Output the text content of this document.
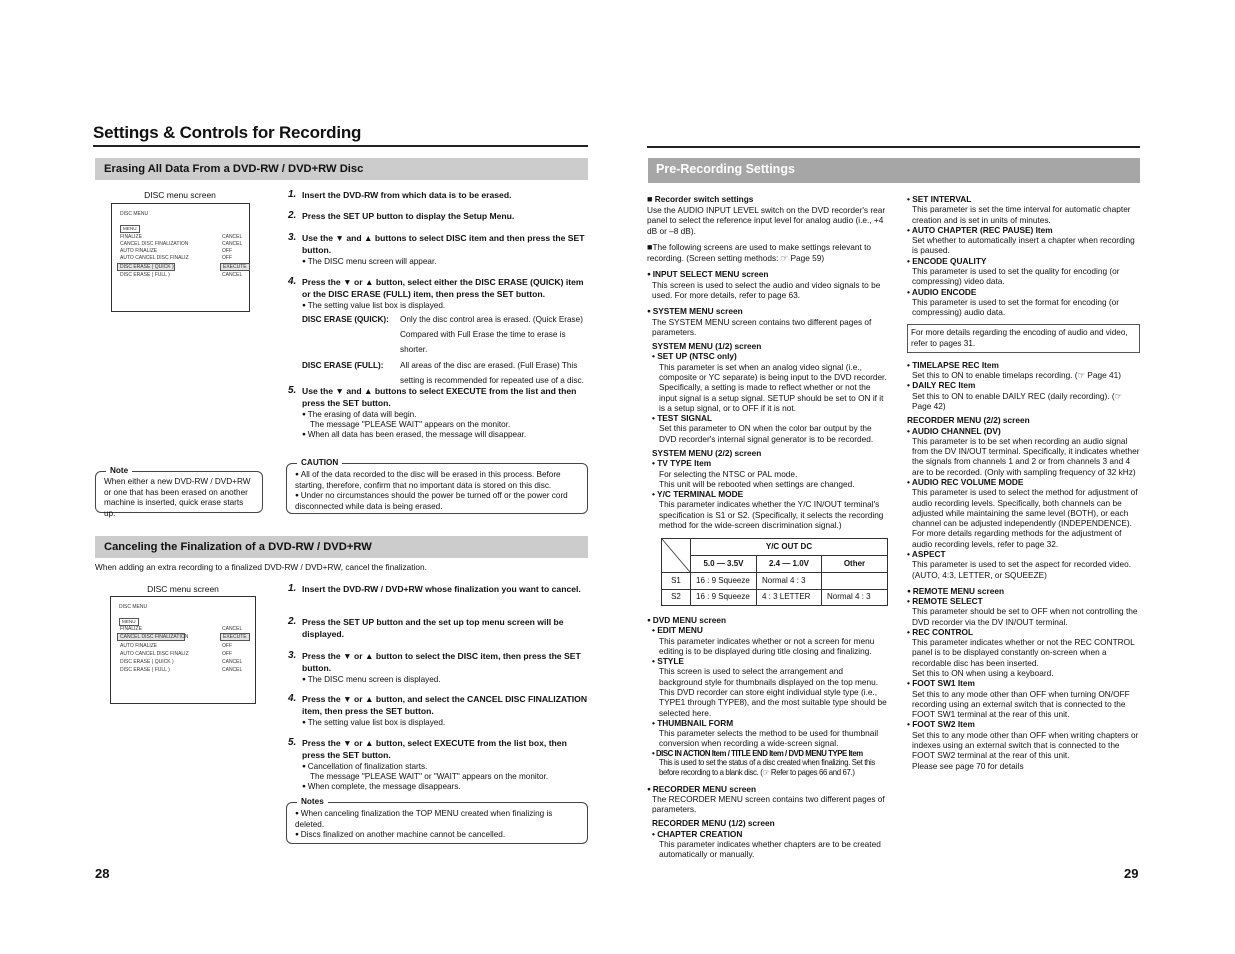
Settings & Controls for Recording
Erasing All Data From a DVD-RW / DVD+RW Disc
DISC menu screen
DISC MENU
MENU
FINALIZE	CANCEL
CANCEL DISC FINALIZATION	CANCEL
AUTO FINALIZE	OFF
AUTO CANCEL DISC FINALIZ	OFF
DISC ERASE ( QUICK )	EXECUTE
DISC ERASE ( FULL )	CANCEL
1. Insert the DVD-RW from which data is to be erased.
2. Press the SET UP button to display the Setup Menu.
3. Use the ▼ and ▲ buttons to select DISC item and then press the SET button.
● The DISC menu screen will appear.
4. Press the ▼ or ▲ button, select either the DISC ERASE (QUICK) item or the DISC ERASE (FULL) item, then press the SET button.
● The setting value list box is displayed.
DISC ERASE (QUICK):	Only the disc control area is erased. (Quick Erase) Compared with Full Erase the time to erase is shorter.
DISC ERASE (FULL):	All areas of the disc are erased. (Full Erase) This setting is recommended for repeated use of a disc.
5. Use the ▼ and ▲ buttons to select EXECUTE from the list and then press the SET button.
● The erasing of data will begin.
The message "PLEASE WAIT" appears on the monitor.
● When all data has been erased, the message will disappear.
Note
When either a new DVD-RW / DVD+RW or one that has been erased on another machine is inserted, quick erase starts up.
CAUTION
● All of the data recorded to the disc will be erased in this process. Before starting, therefore, confirm that no important data is stored on this disc.
● Under no circumstances should the power be turned off or the power cord disconnected while data is being erased.
Canceling the Finalization of a DVD-RW / DVD+RW
When adding an extra recording to a finalized DVD-RW / DVD+RW, cancel the finalization.
DISC menu screen
DISC MENU
MENU
FINALIZE	CANCEL
CANCEL DISC FINALIZATION	EXECUTE
AUTO FINALIZE	OFF
AUTO CANCEL DISC FINALIZ	OFF
DISC ERASE ( QUICK )	CANCEL
DISC ERASE ( FULL )	CANCEL
1. Insert the DVD-RW / DVD+RW whose finalization you want to cancel.
2. Press the SET UP button and the set up top menu screen will be displayed.
3. Press the ▼ or ▲ button to select the DISC item, then press the SET button.
● The DISC menu screen is displayed.
4. Press the ▼ or ▲ button, and select the CANCEL DISC FINALIZATION item, then press the SET button.
● The setting value list box is displayed.
5. Press the ▼ or ▲ button, select EXECUTE from the list box, then press the SET button.
● Cancellation of finalization starts.
The message "PLEASE WAIT" or "WAIT" appears on the monitor.
● When complete, the message disappears.
Notes
● When canceling finalization the TOP MENU created when finalizing is deleted.
● Discs finalized on another machine cannot be cancelled.
28
Pre-Recording Settings
■ Recorder switch settings
Use the AUDIO INPUT LEVEL switch on the DVD recorder's rear panel to select the reference input level for analog audio (i.e., +4 dB or –8 dB).
■The following screens are used to make settings relevant to recording. (Screen setting methods: ☞ Page 59)
● INPUT SELECT MENU screen
This screen is used to select the audio and video signals to be used. For more details, refer to page 63.
● SYSTEM MENU screen
The SYSTEM MENU screen contains two different pages of parameters.
SYSTEM MENU (1/2) screen
• SET UP (NTSC only)
This parameter is set when an analog video signal (i.e., composite or YC separate) is being input to the DVD recorder. Specifically, a setting is made to reflect whether or not the input signal is a setup signal. SETUP should be set to ON if it is a setup signal, or to OFF if it is not.
• TEST SIGNAL
Set this parameter to ON when the color bar output by the DVD recorder's internal signal generator is to be recorded.
SYSTEM MENU (2/2) screen
• TV TYPE Item
For selecting the NTSC or PAL mode.
This unit will be rebooted when settings are changed.
• Y/C TERMINAL MODE
This parameter indicates whether the Y/C IN/OUT terminal's specification is S1 or S2. (Specifically, it selects the recording method for the wide-screen discrimination signal.)
	Y/C OUT DC		
	5.0 — 3.5V	2.4 — 1.0V	Other
S1	16 : 9 Squeeze	Normal 4 : 3	
S2	16 : 9 Squeeze	4 : 3 LETTER	Normal 4 : 3
● DVD MENU screen
• EDIT MENU
This parameter indicates whether or not a screen for menu editing is to be displayed during title closing and finalizing.
• STYLE
This screen is used to select the arrangement and background style for thumbnails displayed on the top menu. This DVD recorder can store eight individual style type (i.e., TYPE1 through TYPE8), and the most suitable type should be selected here.
• THUMBNAIL FORM
This parameter selects the method to be used for thumbnail conversion when recording a wide-screen signal.
• DISC IN ACTION Item / TITLE END Item / DVD MENU TYPE Item
This is used to set the status of a disc created when finalizing. Set this before recording to a blank disc. (☞ Refer to pages 66 and 67.)
● RECORDER MENU screen
The RECORDER MENU screen contains two different pages of parameters.
RECORDER MENU (1/2) screen
• CHAPTER CREATION
This parameter indicates whether chapters are to be created automatically or manually.
• SET INTERVAL
This parameter is set the time interval for automatic chapter creation and is set in units of minutes.
• AUTO CHAPTER (REC PAUSE) Item
Set whether to automatically insert a chapter when recording is paused.
• ENCODE QUALITY
This parameter is used to set the quality for encoding (or compressing) video data.
• AUDIO ENCODE
This parameter is used to set the format for encoding (or compressing) audio data.
For more details regarding the encoding of audio and video, refer to pages 31.
• TIMELAPSE REC Item
Set this to ON to enable timelaps recording. (☞ Page 41)
• DAILY REC Item
Set this to ON to enable DAILY REC (daily recording). (☞ Page 42)
RECORDER MENU (2/2) screen
• AUDIO CHANNEL (DV)
This parameter is to be set when recording an audio signal from the DV IN/OUT terminal. Specifically, it indicates whether the signals from channels 1 and 2 or from channels 3 and 4 are to be recorded. (Only with sampling frequency of 32 kHz)
• AUDIO REC VOLUME MODE
This parameter is used to select the method for adjustment of audio recording levels. Specifically, both channels can be adjusted while maintaining the same level (BOTH), or each channel can be adjusted independently (INDEPENDENCE). For more details regarding methods for the adjustment of audio recording levels, refer to page 32.
• ASPECT
This parameter is used to set the aspect for recorded video. (AUTO, 4:3, LETTER, or SQUEEZE)
● REMOTE MENU screen
• REMOTE SELECT
This parameter should be set to OFF when not controlling the DVD recorder via the DV IN/OUT terminal.
• REC CONTROL
This parameter indicates whether or not the REC CONTROL panel is to be displayed constantly on-screen when a recordable disc has been inserted.
Set this to ON when using a keyboard.
• FOOT SW1 Item
Set this to any mode other than OFF when turning ON/OFF recording using an external switch that is connected to the FOOT SW1 terminal at the rear of this unit.
• FOOT SW2 Item
Set this to any mode other than OFF when writing chapters or indexes using an external switch that is connected to the FOOT SW2 terminal at the rear of this unit.
Please see page 70 for details
29
